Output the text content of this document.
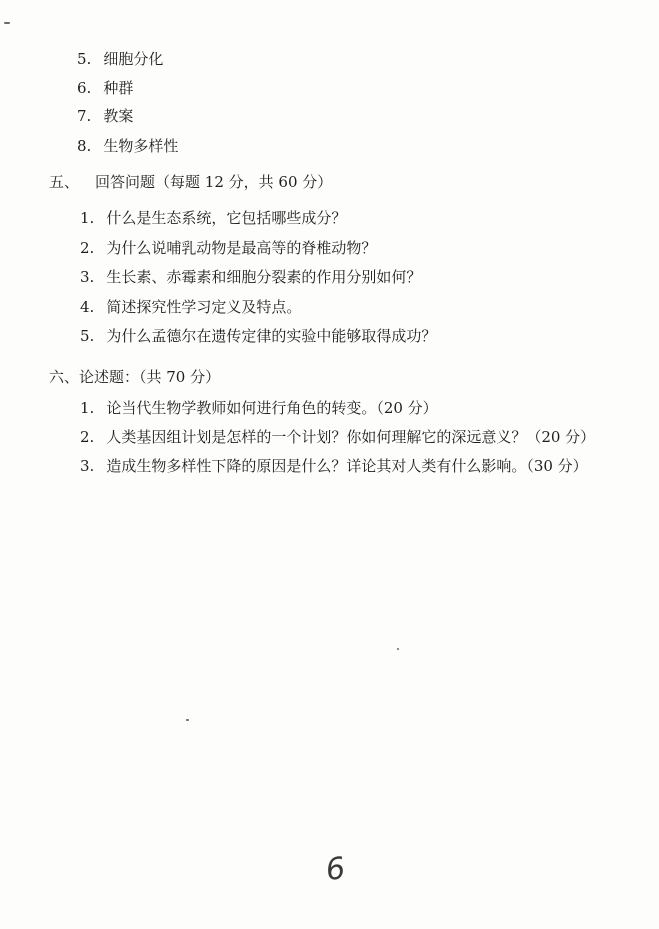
5. 细胞分化
6. 种群
7. 教案
8. 生物多样性
五、 回答问题（每题 12 分，共 60 分）
1. 什么是生态系统，它包括哪些成分？
2. 为什么说哺乳动物是最高等的脊椎动物？
3. 生长素、赤霉素和细胞分裂素的作用分别如何？
4. 简述探究性学习定义及特点。
5. 为什么孟德尔在遗传定律的实验中能够取得成功？
六、论述题：（共 70 分）
1. 论当代生物学教师如何进行角色的转变。（20 分）
2. 人类基因组计划是怎样的一个计划？你如何理解它的深远意义？（20 分）
3. 造成生物多样性下降的原因是什么？详论其对人类有什么影响。（30 分）
6
